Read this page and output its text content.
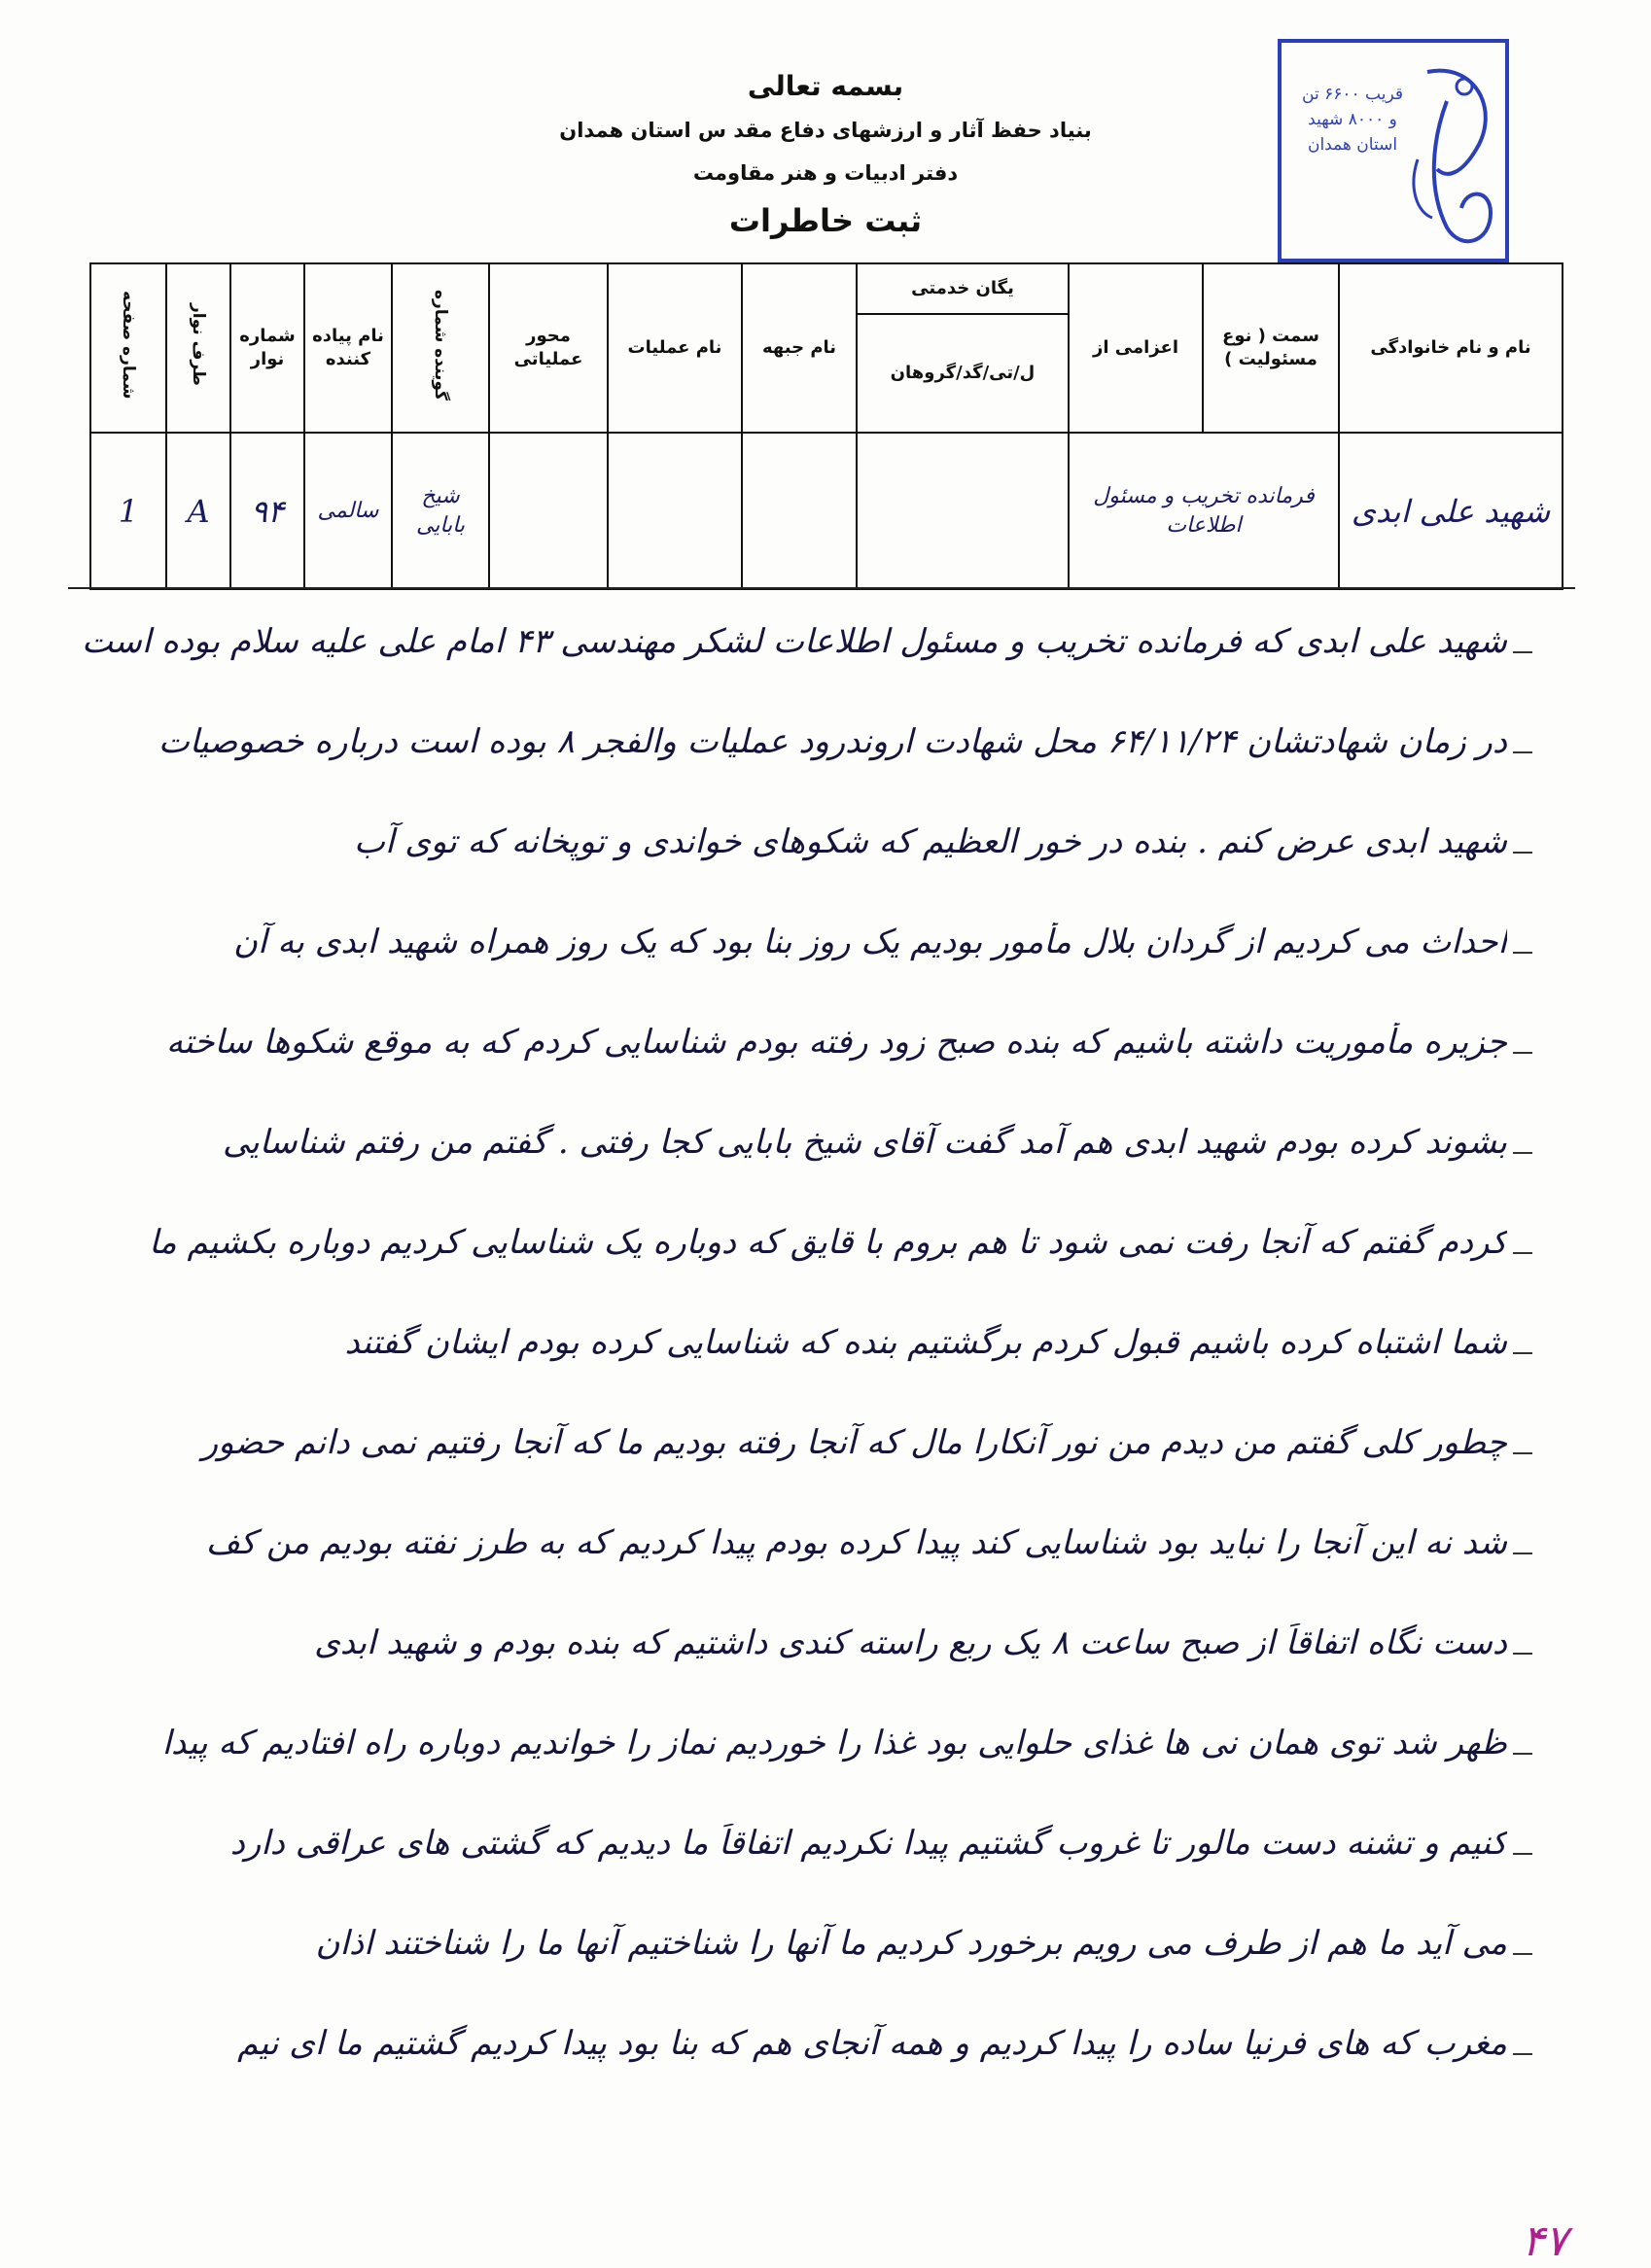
بسمه تعالی
بنیاد حفظ آثار و ارزشهای دفاع مقد س استان همدان
دفتر ادبیات و هنر مقاومت
ثبت خاطرات
قریب ۶۶۰۰ تن
و ۸۰۰۰ شهید
استان همدان
نام و نام خانوادگی	سمت ( نوع مسئولیت )	اعزامی از	یگان خدمتی	نام جبهه	نام عملیات	محور عملیاتی	گوینده شماره	نام پیاده کننده	شماره نوار	طرف نوار	شماره صفحه
			ل/تی/گد/گروهان								
شهید علی ابدی	فرمانده تخریب و مسئول اطلاعات						شیخ بابایی	سالمی	۹۴	A	1
شهید علی ابدی که فرمانده تخریب و مسئول اطلاعات لشکر مهندسی ۴۳ امام علی علیه سلام بوده است
در زمان شهادتشان ۶۴/۱۱/۲۴ محل شهادت اروندرود عملیات والفجر ۸ بوده است درباره خصوصیات
شهید ابدی عرض کنم . بنده در خور العظیم که شکوهای خواندی و توپخانه که توی آب
احداث می کردیم از گردان بلال مأمور بودیم یک روز بنا بود که یک روز همراه شهید ابدی به آن
جزیره مأموریت داشته باشیم که بنده صبح زود رفته بودم شناسایی کردم که به موقع شکوها ساخته
بشوند کرده بودم شهید ابدی هم آمد گفت آقای شیخ بابایی کجا رفتی . گفتم من رفتم شناسایی
کردم گفتم که آنجا رفت نمی شود تا هم بروم با قایق که دوباره یک شناسایی کردیم دوباره بکشیم ما
شما اشتباه کرده باشیم قبول کردم برگشتیم بنده که شناسایی کرده بودم ایشان گفتند
چطور کلی گفتم من دیدم من نور آنکارا مال که آنجا رفته بودیم ما که آنجا رفتیم نمی دانم حضور
شد نه این آنجا را نباید بود شناسایی کند پیدا کرده بودم پیدا کردیم که به طرز نفته بودیم من کف
دست نگاه اتفاقاً از صبح ساعت ۸ یک ربع راسته کندی داشتیم که بنده بودم و شهید ابدی
ظهر شد توی همان نی ها غذای حلوایی بود غذا را خوردیم نماز را خواندیم دوباره راه افتادیم که پیدا
کنیم و تشنه دست مالور تا غروب گشتیم پیدا نکردیم اتفاقاً ما دیدیم که گشتی های عراقی دارد
می آید ما هم از طرف می رویم برخورد کردیم ما آنها را شناختیم آنها ما را شناختند اذان
مغرب که های فرنیا ساده را پیدا کردیم و همه آنجای هم که بنا بود پیدا کردیم گشتیم ما ای نیم
۴۷
